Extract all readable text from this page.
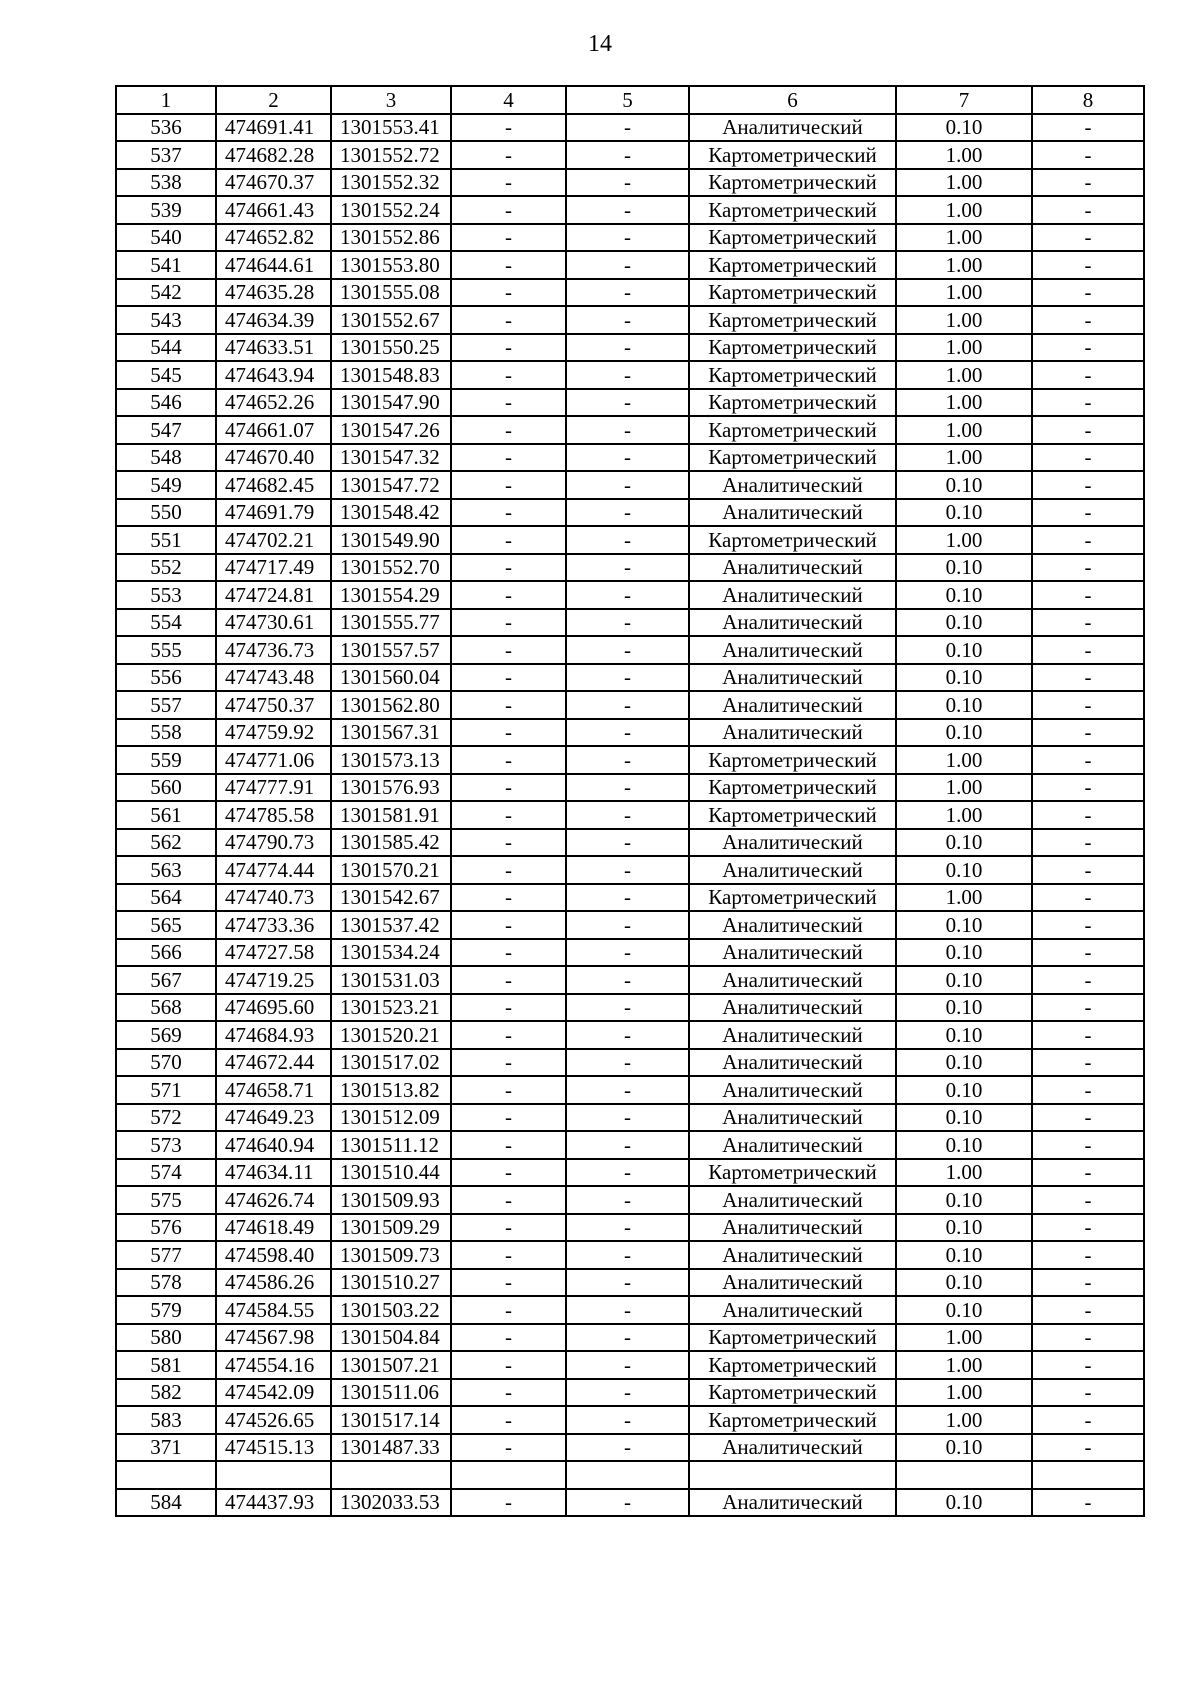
14
1	2	3	4	5	6	7	8
536	474691.41	1301553.41	-	-	Аналитический	0.10	-
537	474682.28	1301552.72	-	-	Картометрический	1.00	-
538	474670.37	1301552.32	-	-	Картометрический	1.00	-
539	474661.43	1301552.24	-	-	Картометрический	1.00	-
540	474652.82	1301552.86	-	-	Картометрический	1.00	-
541	474644.61	1301553.80	-	-	Картометрический	1.00	-
542	474635.28	1301555.08	-	-	Картометрический	1.00	-
543	474634.39	1301552.67	-	-	Картометрический	1.00	-
544	474633.51	1301550.25	-	-	Картометрический	1.00	-
545	474643.94	1301548.83	-	-	Картометрический	1.00	-
546	474652.26	1301547.90	-	-	Картометрический	1.00	-
547	474661.07	1301547.26	-	-	Картометрический	1.00	-
548	474670.40	1301547.32	-	-	Картометрический	1.00	-
549	474682.45	1301547.72	-	-	Аналитический	0.10	-
550	474691.79	1301548.42	-	-	Аналитический	0.10	-
551	474702.21	1301549.90	-	-	Картометрический	1.00	-
552	474717.49	1301552.70	-	-	Аналитический	0.10	-
553	474724.81	1301554.29	-	-	Аналитический	0.10	-
554	474730.61	1301555.77	-	-	Аналитический	0.10	-
555	474736.73	1301557.57	-	-	Аналитический	0.10	-
556	474743.48	1301560.04	-	-	Аналитический	0.10	-
557	474750.37	1301562.80	-	-	Аналитический	0.10	-
558	474759.92	1301567.31	-	-	Аналитический	0.10	-
559	474771.06	1301573.13	-	-	Картометрический	1.00	-
560	474777.91	1301576.93	-	-	Картометрический	1.00	-
561	474785.58	1301581.91	-	-	Картометрический	1.00	-
562	474790.73	1301585.42	-	-	Аналитический	0.10	-
563	474774.44	1301570.21	-	-	Аналитический	0.10	-
564	474740.73	1301542.67	-	-	Картометрический	1.00	-
565	474733.36	1301537.42	-	-	Аналитический	0.10	-
566	474727.58	1301534.24	-	-	Аналитический	0.10	-
567	474719.25	1301531.03	-	-	Аналитический	0.10	-
568	474695.60	1301523.21	-	-	Аналитический	0.10	-
569	474684.93	1301520.21	-	-	Аналитический	0.10	-
570	474672.44	1301517.02	-	-	Аналитический	0.10	-
571	474658.71	1301513.82	-	-	Аналитический	0.10	-
572	474649.23	1301512.09	-	-	Аналитический	0.10	-
573	474640.94	1301511.12	-	-	Аналитический	0.10	-
574	474634.11	1301510.44	-	-	Картометрический	1.00	-
575	474626.74	1301509.93	-	-	Аналитический	0.10	-
576	474618.49	1301509.29	-	-	Аналитический	0.10	-
577	474598.40	1301509.73	-	-	Аналитический	0.10	-
578	474586.26	1301510.27	-	-	Аналитический	0.10	-
579	474584.55	1301503.22	-	-	Аналитический	0.10	-
580	474567.98	1301504.84	-	-	Картометрический	1.00	-
581	474554.16	1301507.21	-	-	Картометрический	1.00	-
582	474542.09	1301511.06	-	-	Картометрический	1.00	-
583	474526.65	1301517.14	-	-	Картометрический	1.00	-
371	474515.13	1301487.33	-	-	Аналитический	0.10	-

584	474437.93	1302033.53	-	-	Аналитический	0.10	-
